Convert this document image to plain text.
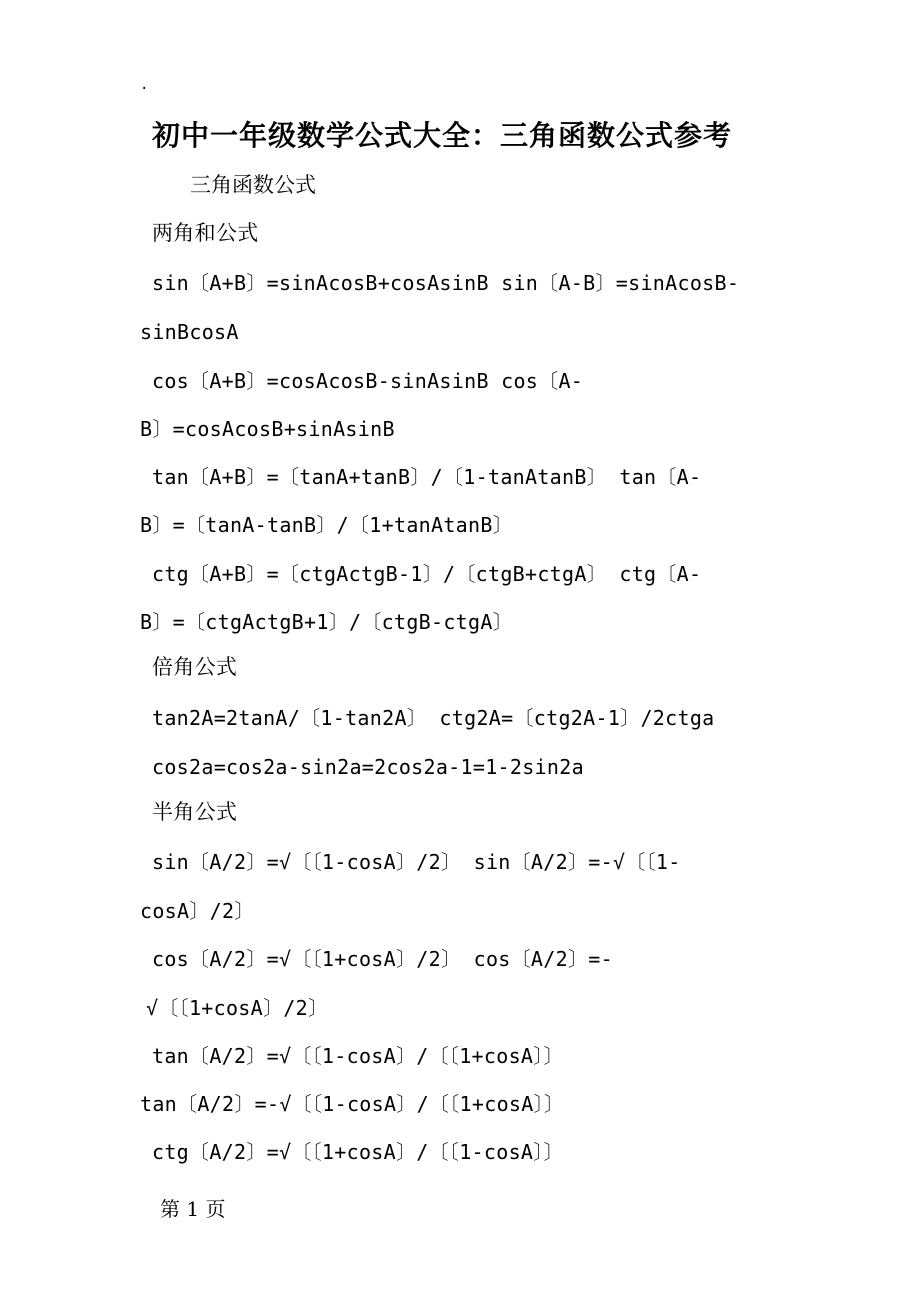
.
初中一年级数学公式大全：三角函数公式参考
三角函数公式
两角和公式
sin〔A+B〕=sinAcosB+cosAsinB sin〔A-B〕=sinAcosB-
sinBcosA
cos〔A+B〕=cosAcosB-sinAsinB cos〔A-
B〕=cosAcosB+sinAsinB
tan〔A+B〕=〔tanA+tanB〕/〔1-tanAtanB〕 tan〔A-
B〕=〔tanA-tanB〕/〔1+tanAtanB〕
ctg〔A+B〕=〔ctgActgB-1〕/〔ctgB+ctgA〕 ctg〔A-
B〕=〔ctgActgB+1〕/〔ctgB-ctgA〕
倍角公式
tan2A=2tanA/〔1-tan2A〕 ctg2A=〔ctg2A-1〕/2ctga
cos2a=cos2a-sin2a=2cos2a-1=1-2sin2a
半角公式
sin〔A/2〕=√〔〔1-cosA〕/2〕 sin〔A/2〕=-√〔〔1-
cosA〕/2〕
cos〔A/2〕=√〔〔1+cosA〕/2〕 cos〔A/2〕=-
√〔〔1+cosA〕/2〕
tan〔A/2〕=√〔〔1-cosA〕/〔〔1+cosA〕〕
tan〔A/2〕=-√〔〔1-cosA〕/〔〔1+cosA〕〕
ctg〔A/2〕=√〔〔1+cosA〕/〔〔1-cosA〕〕
第 1 页
